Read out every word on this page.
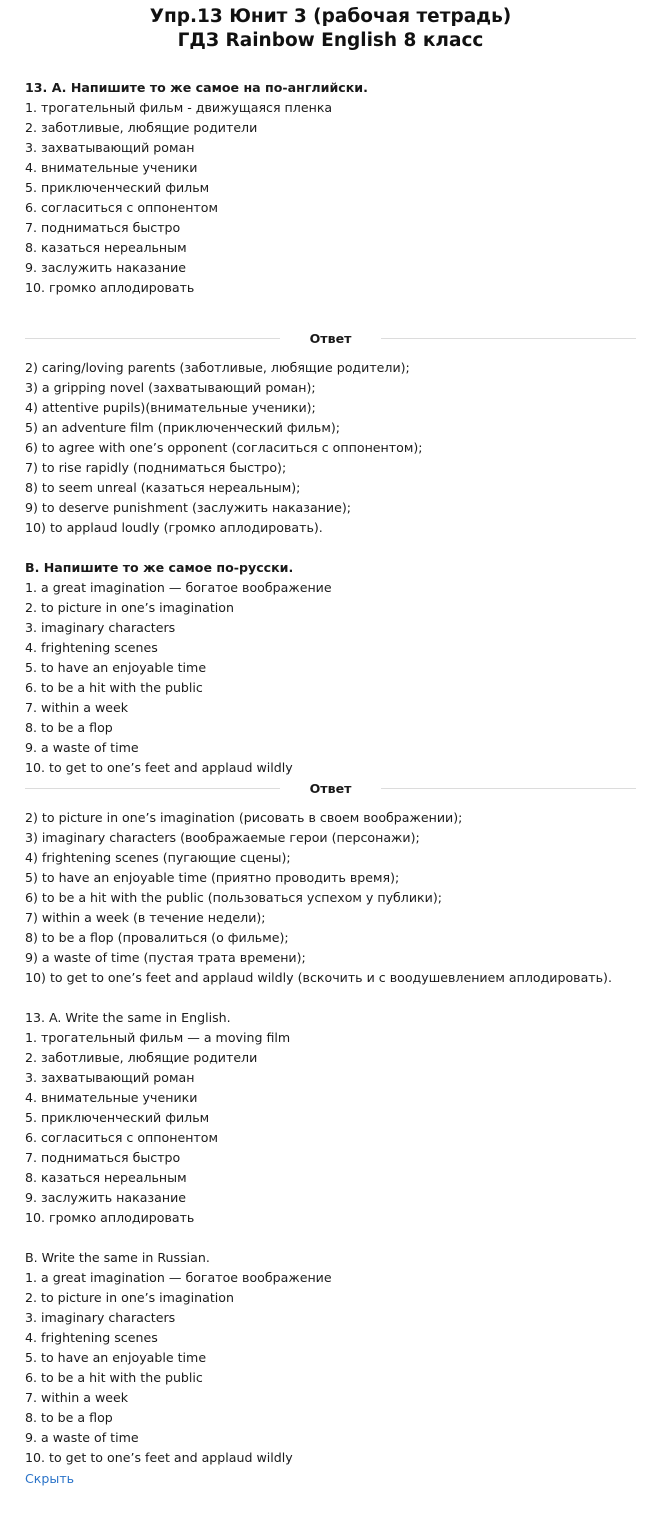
Упр.13 Юнит 3 (рабочая тетрадь)
ГДЗ Rainbow English 8 класс
13. A. Напишите то же самое на по-английски.
1. трогательный фильм - движущаяся пленка
2. заботливые, любящие родители
3. захватывающий роман
4. внимательные ученики
5. приключенческий фильм
6. согласиться с оппонентом
7. подниматься быстро
8. казаться нереальным
9. заслужить наказание
10. громко аплодировать
Ответ
2) caring/loving parents (заботливые, любящие родители);
3) a gripping novel (захватывающий роман);
4) attentive pupils)(внимательные ученики);
5) an adventure film (приключенческий фильм);
6) to agree with one’s opponent (согласиться с оппонентом);
7) to rise rapidly (подниматься быстро);
8) to seem unreal (казаться нереальным);
9) to deserve punishment (заслужить наказание);
10) to applaud loudly (громко аплодировать).
B. Напишите то же самое по-русски.
1. a great imagination — богатое воображение
2. to picture in one’s imagination
3. imaginary characters
4. frightening scenes
5. to have an enjoyable time
6. to be a hit with the public
7. within a week
8. to be a flop
9. a waste of time
10. to get to one’s feet and applaud wildly
Ответ
2) to picture in one’s imagination (рисовать в своем воображении);
3) imaginary characters (воображаемые герои (персонажи);
4) frightening scenes (пугающие сцены);
5) to have an enjoyable time (приятно проводить время);
6) to be a hit with the public (пользоваться успехом у публики);
7) within a week (в течение недели);
8) to be a flop (провалиться (о фильме);
9) a waste of time (пустая трата времени);
10) to get to one’s feet and applaud wildly (вскочить и с воодушевлением аплодировать).
13. A. Write the same in English.
1. трогательный фильм — a moving film
2. заботливые, любящие родители
3. захватывающий роман
4. внимательные ученики
5. приключенческий фильм
6. согласиться с оппонентом
7. подниматься быстро
8. казаться нереальным
9. заслужить наказание
10. громко аплодировать
B. Write the same in Russian.
1. a great imagination — богатое воображение
2. to picture in one’s imagination
3. imaginary characters
4. frightening scenes
5. to have an enjoyable time
6. to be a hit with the public
7. within a week
8. to be a flop
9. a waste of time
10. to get to one’s feet and applaud wildly
Скрыть
